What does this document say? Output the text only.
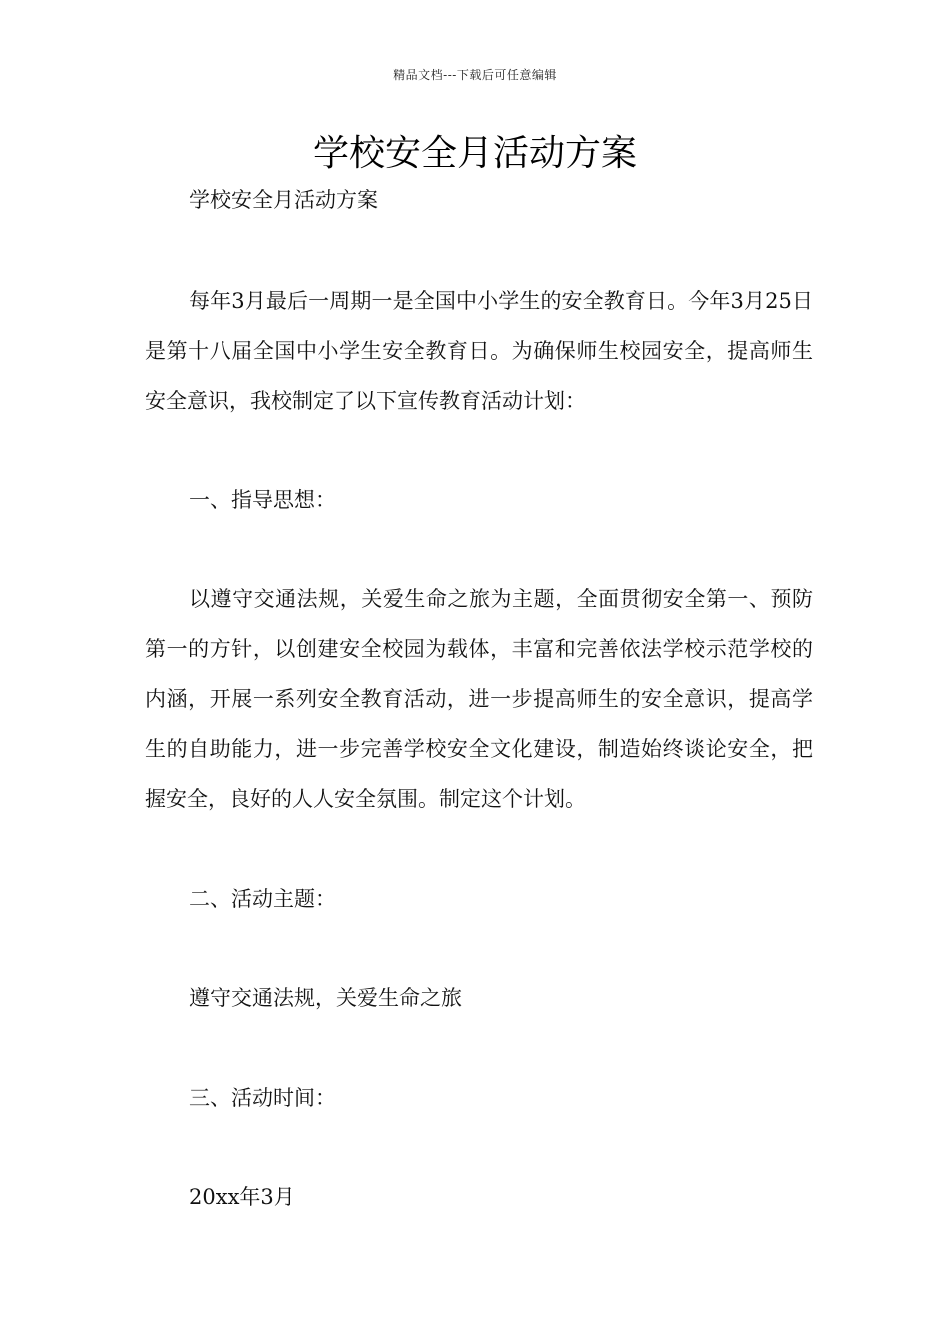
精品文档---下载后可任意编辑
学校安全月活动方案

学校安全月活动方案

每年3月最后一周期一是全国中小学生的安全教育日。今年3月25日是第十八届全国中小学生安全教育日。为确保师生校园安全，提高师生安全意识，我校制定了以下宣传教育活动计划：

一、指导思想：

以遵守交通法规，关爱生命之旅为主题，全面贯彻安全第一、预防第一的方针，以创建安全校园为载体，丰富和完善依法学校示范学校的内涵，开展一系列安全教育活动，进一步提高师生的安全意识，提高学生的自助能力，进一步完善学校安全文化建设，制造始终谈论安全，把握安全，良好的人人安全氛围。制定这个计划。

二、活动主题：

遵守交通法规，关爱生命之旅

三、活动时间：

20xx年3月
